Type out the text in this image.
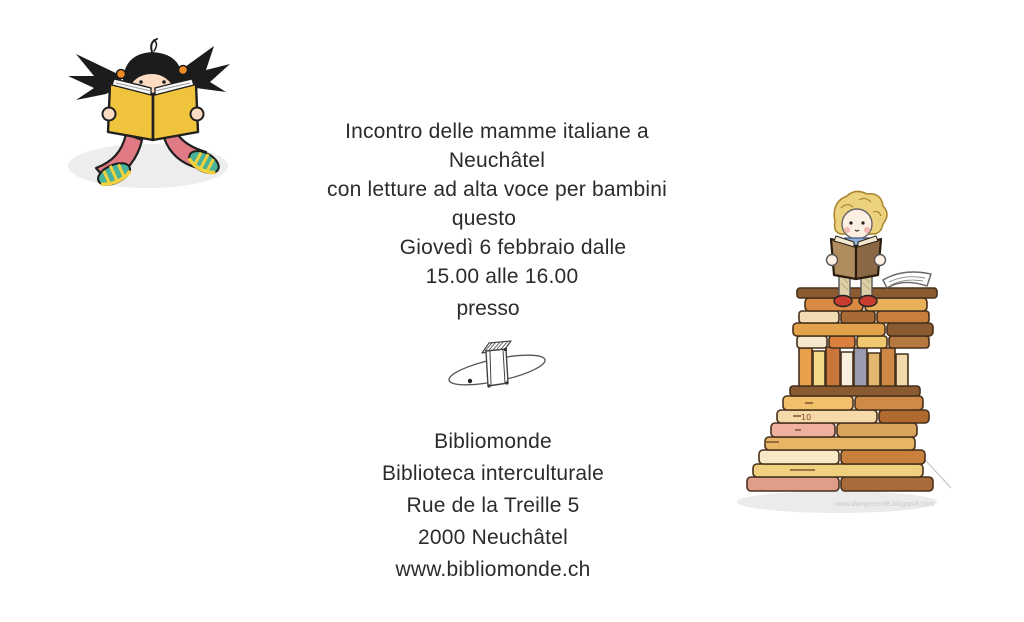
Incontro delle mamme italiane a Neuchâtel
con letture ad alta voce per bambini
questo
Giovedì 6 febbraio dalle
15.00 alle 16.00
presso
Bibliomonde
Biblioteca interculturale
Rue de la Treille 5
2000 Neuchâtel
www.bibliomonde.ch
10
www.dangerecole.blogspot.com
